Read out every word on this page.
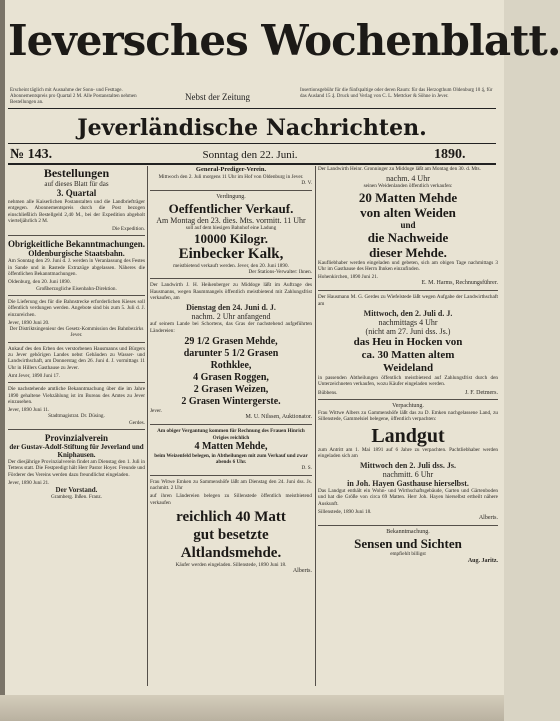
Ieversches Wochenblatt.
Erscheint täglich mit Ausnahme der Sonn- und Festtage. Abonnementspreis pro Quartal 2 M. Alle Postanstalten nehmen Bestellungen an.
Nebst der Zeitung
Insertionsgebühr für die fünfspaltige oder deren Raum: für das Herzogthum Oldenburg 10 ₰, für das Ausland 15 ₰. Druck und Verlag von C. L. Mettcker & Söhne in Jever.
Jeverländische Nachrichten.
№ 143.	Sonntag den 22. Juni.	1890.
Bestellungen
auf dieses Blatt für das
3. Quartal
nehmen alle Kaiserlichen Postanstalten und die Landbriefträger entgegen. Abonnementspreis durch die Post bezogen einschließlich Bestellgeld 2,40 M., bei der Expedition abgeholt vierteljährlich 2 M.
Die Expedition.
Obrigkeitliche Bekanntmachungen.
Oldenburgische Staatsbahn.
Am Sonntag den 29. Juni d. J. werden in Veranlassung des Festes in Sande und in Rastede Extrazüge abgelassen. Näheres die öffentlichen Bekanntmachungen.
Oldenburg, den 20. Juni 1890.
Großherzogliche Eisenbahn-Direktion.
Die Lieferung des für die Bahnstrecke erforderlichen Kieses soll öffentlich verdungen werden. Angebote sind bis zum 5. Juli d. J. einzureichen.
Jever, 1890 Juni 20.
Der Distriktsingenieur des Gesetz-Kommission des Bahnbezirks Jever.
Ankauf des den Erben des verstorbenen Hausmanns und Bürgers zu Jever gehörigen Landes nebst Gebäuden zu Wasser- und Landwirthschaft, am Donnerstag den 26. Juni d. J. vormittags 11 Uhr in Hillers Gasthause zu Jever.
Amt Jever, 1890 Juni 17.
Die nachstehende amtliche Bekanntmachung über die im Jahre 1890 gehaltene Viehzählung ist im Bureau des Amtes zu Jever einzusehen.
Jever, 1890 Juni 11.
Stadtmagistrat. Dr. Düsing.
Gerdes.
Provinzialverein
der Gustav-Adolf-Stiftung für Jeverland und Kniphausen.
Der diesjährige Provinzialverein findet am Dienstag den 1. Juli in Tettens statt. Die Festpredigt hält Herr Pastor Hoyer. Freunde und Förderer des Vereins werden dazu freundlichst eingeladen.
Jever, 1890 Juni 21.
Der Vorstand.
Gramberg. Ihßen. Franz.
General-Prediger-Verein.
Mittwoch den 2. Juli morgens 11 Uhr im Hof von Oldenburg in Jever.
D. V.
Verdingung.
Oeffentlicher Verkauf.
Am Montag den 23. dies. Mts. vormitt. 11 Uhr
soll auf dem hiesigen Bahnhof eine Ladung
10000 Kilogr.
Einbecker Kalk,
meistbietend verkauft werden. Jever, den 20. Juni 1890.
Der Stations-Verwalter: Ihnen.
Der Landwirth J. H. Heikenberger zu Middoge läßt im Auftrage des Hausmanns, wegen Raummangels öffentlich meistbietend mit Zahlungsfrist verkaufen, am
Dienstag den 24. Juni d. J.
nachm. 2 Uhr anfangend
auf seinem Lande bei Schortens, das Gras der nachstehend aufgeführten Ländereien:
29 1/2 Grasen Mehde,
darunter 5 1/2 Grasen
Rothklee,
4 Grasen Roggen,
2 Grasen Weizen,
2 Grasen Wintergerste.
Jever.
M. U. Nilssen, Auktionator.
Am obiger Vergantung kommen für Rechnung des Frauen Hinrich Origies reichlich
4 Matten Mehde,
beim Weizenfeld belegen, in Abtheilungen mit zum Verkauf und zwar abends 6 Uhr.
D. S.
Frau Witwe Emken zu Sammenshöfe läßt am Dienstag den 24. Juni dss. Js. nachmitt. 2 Uhr
auf ihren Ländereien belegen zu Sillenstede öffentlich meistbietend verkaufen
reichlich 40 Matt
gut besetzte
Altlandsmehde.
Käufer werden eingeladen. Sillenstede, 1890 Juni 18.
Alberts.
Der Landwirth Heinr. Gronninger zu Middoge läßt am Montag den 30. d. Mts.
nachm. 4 Uhr
seinen Weidenlanden öffentlich verkaufen:
20 Matten Mehde
von alten Weiden
und
die Nachweide
dieser Mehde.
Kaufliebhaber werden eingeladen und gebeten, sich am obigen Tage nachmittags 3 Uhr im Gasthause des Herrn Ihnken einzufinden.
Hohenkirchen, 1890 Juni 21.
E. M. Harms, Rechnungsführer.
Der Hausmann M. G. Gerdes zu Wiefelstede läßt wegen Aufgabe der Landwirthschaft am
Mittwoch, den 2. Juli d. J.
nachmittags 4 Uhr
(nicht am 27. Juni dss. Js.)
das Heu in Hocken von
ca. 30 Matten altem
Weideland
in passenden Abtheilungen öffentlich meistbietend auf Zahlungsfrist durch den Unterzeichneten verkaufen, wozu Käufer eingeladen werden.
Bübbens.	J. F. Detmers.
Verpachtung.
Frau Wittwe Albers zu Gammenshöfe läßt das zu D. Emken nachgelassene Land, zu Sillenstede, Gammelsiel belegene, öffentlich verpachten:
Landgut
zum Antritt am 1. Mai 1891 auf 6 Jahre zu verpachten. Pachtliebhaber werden eingeladen sich am
Mittwoch den 2. Juli dss. Js.
nachmitt. 6 Uhr
in Joh. Hayen Gasthause hierselbst.
Das Landgut enthält ein Wohn- und Wirthschaftsgebäude, Garten und Gärtenboden und hat die Größe von circa 69 Matten. Herr Joh. Hayen hierselbst ertheilt nähere Auskunft.
Sillenstede, 1890 Juni 18.
Alberts.
Bekanntmachung.
Sensen und Sichten
empfiehlt billigst
Aug. Jaritz.
